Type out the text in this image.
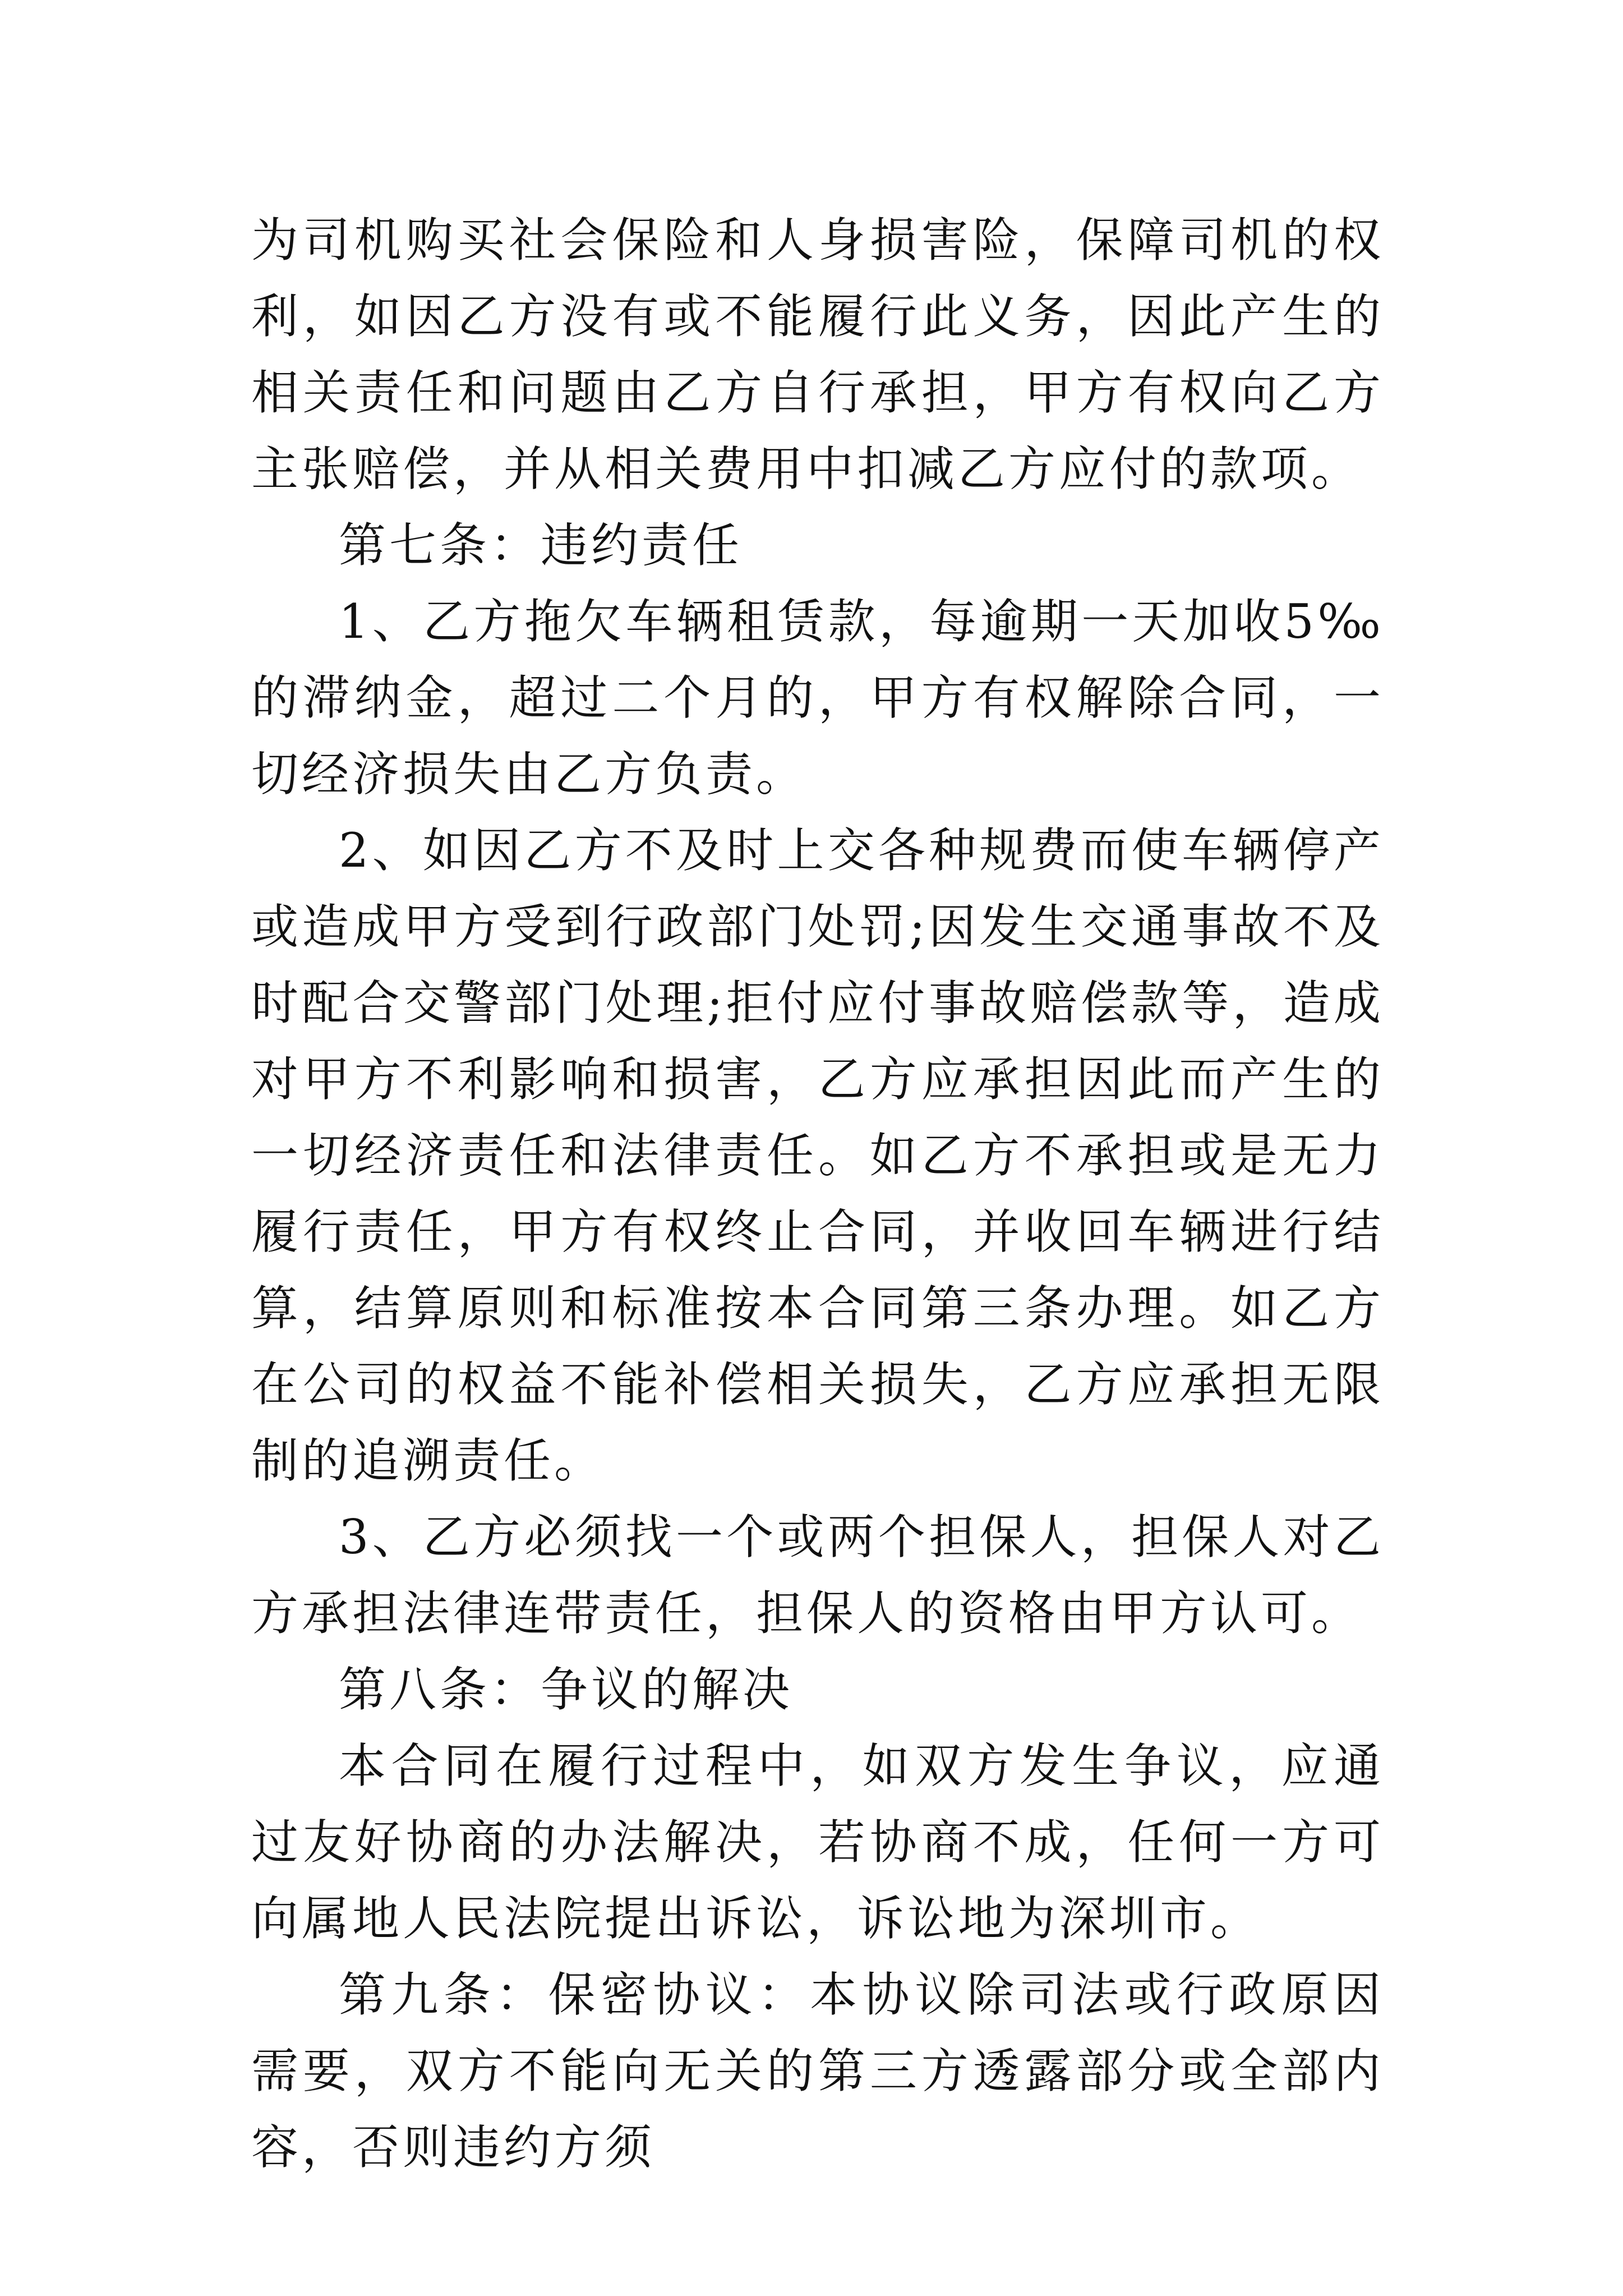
为司机购买社会保险和人身损害险，保障司机的权利，如因乙方没有或不能履行此义务，因此产生的相关责任和问题由乙方自行承担，甲方有权向乙方主张赔偿，并从相关费用中扣减乙方应付的款项。

第七条：违约责任

1、乙方拖欠车辆租赁款，每逾期一天加收5‰的滞纳金，超过二个月的，甲方有权解除合同，一切经济损失由乙方负责。

2、如因乙方不及时上交各种规费而使车辆停产或造成甲方受到行政部门处罚;因发生交通事故不及时配合交警部门处理;拒付应付事故赔偿款等，造成对甲方不利影响和损害，乙方应承担因此而产生的一切经济责任和法律责任。如乙方不承担或是无力履行责任，甲方有权终止合同，并收回车辆进行结算，结算原则和标准按本合同第三条办理。如乙方在公司的权益不能补偿相关损失，乙方应承担无限制的追溯责任。

3、乙方必须找一个或两个担保人，担保人对乙方承担法律连带责任，担保人的资格由甲方认可。

第八条：争议的解决

本合同在履行过程中，如双方发生争议，应通过友好协商的办法解决，若协商不成，任何一方可向属地人民法院提出诉讼，诉讼地为深圳市。

第九条：保密协议：本协议除司法或行政原因需要，双方不能向无关的第三方透露部分或全部内容，否则违约方须
